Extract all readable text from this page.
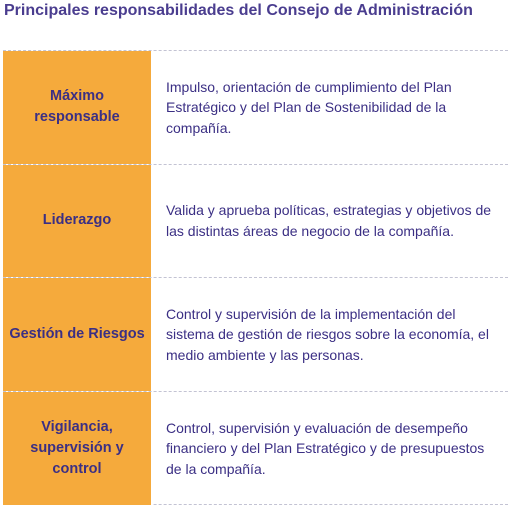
Principales responsabilidades del Consejo de Administración
Máximo responsable
Impulso, orientación de cumplimiento del Plan Estratégico y del Plan de Sostenibilidad de la compañía.
Liderazgo
Valida y aprueba políticas, estrategias y objetivos de las distintas áreas de negocio de la compañía.
Gestión de Riesgos
Control y supervisión de la implementación del sistema de gestión de riesgos sobre la economía, el medio ambiente y las personas.
Vigilancia, supervisión y control
Control, supervisión y evaluación de desempeño financiero y del Plan Estratégico y de presupuestos de la compañía.
